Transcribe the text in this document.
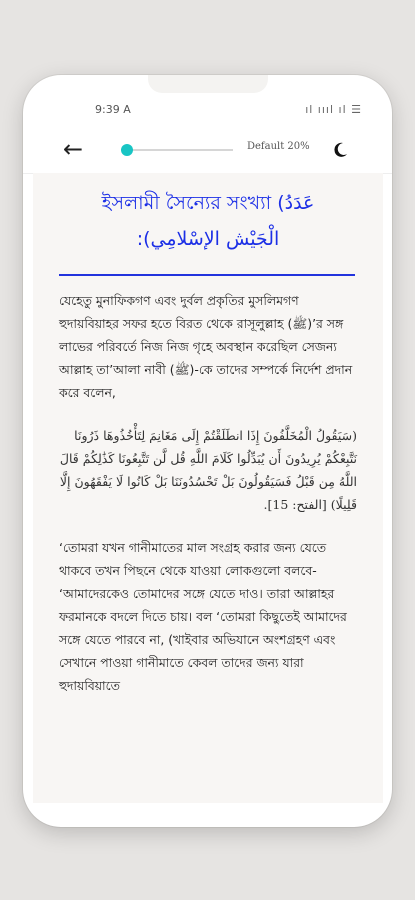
9:39 A	ıl ıııl ıl ☰
←	Default 20%
ইসলামী সৈন্যের সংখ্যা (عَدَدُ
الْجَيْش الإسْلامِي):
যেহেতু মুনাফিকগণ এবং দুর্বল প্রকৃতির মুসলিমগণ হুদায়বিয়াহর সফর হতে বিরত থেকে রাসূলুল্লাহ (ﷺ)’র সঙ্গ লাভের পরিবর্তে নিজ নিজ গৃহে অবস্থান করেছিল সেজন্য আল্লাহ তা’আলা নাবী (ﷺ)-কে তাদের সম্পর্কে নির্দেশ প্রদান করে বলেন,
(سَيَقُولُ الْمُخَلَّفُونَ إِذَا انطَلَقْتُمْ إِلَى مَغَانِمَ لِتَأْخُذُوهَا ذَرُونَا نَتَّبِعْكُمْ يُرِيدُونَ أَن يُبَدِّلُوا كَلَامَ اللَّهِ قُل لَّن تَتَّبِعُونَا كَذَٰلِكُمْ قَالَ اللَّهُ مِن قَبْلُ فَسَيَقُولُونَ بَلْ تَحْسُدُونَنَا بَلْ كَانُوا لَا يَفْقَهُونَ إِلَّا قَلِيلًا) [الفتح: 15].
‘তোমরা যখন গানীমাতের মাল সংগ্রহ করার জন্য যেতে থাকবে তখন পিছনে থেকে যাওয়া লোকগুলো বলবে- ‘আমাদেরকেও তোমাদের সঙ্গে যেতে দাও। তারা আল্লাহর ফরমানকে বদলে দিতে চায়। বল ‘তোমরা কিছুতেই আমাদের সঙ্গে যেতে পারবে না, (খাইবার অভিযানে অংশগ্রহণ এবং সেখানে পাওয়া গানীমাতে কেবল তাদের জন্য যারা হুদায়বিয়াতে
